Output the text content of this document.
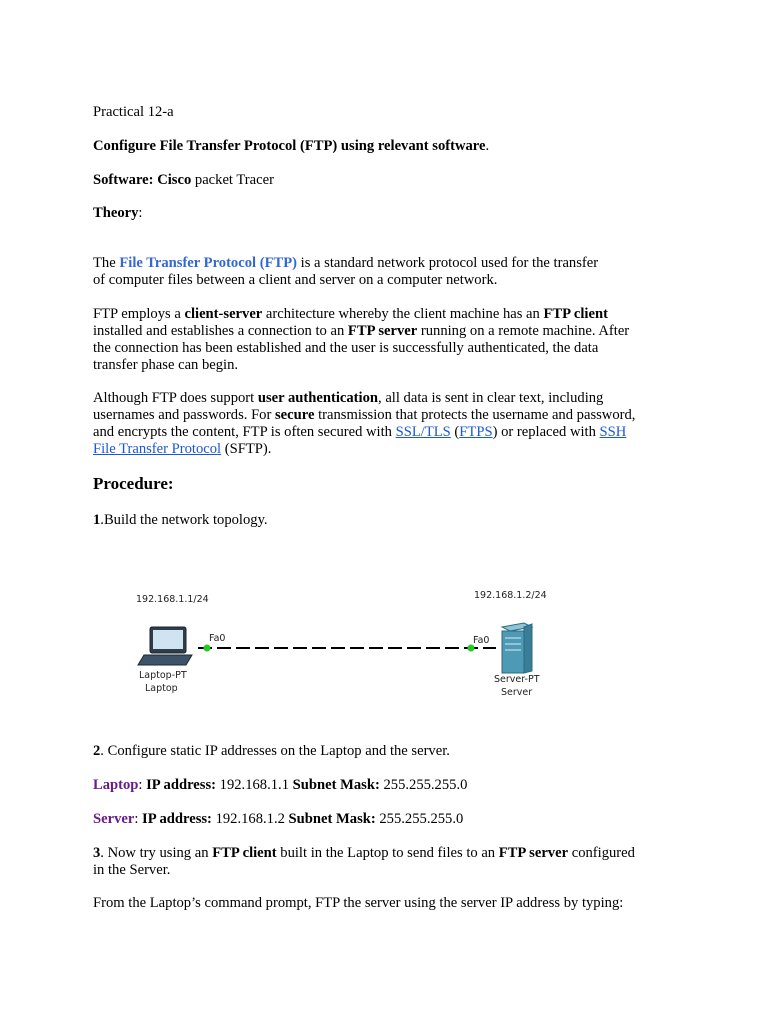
Practical 12-a

Configure File Transfer Protocol (FTP) using relevant software.

Software: Cisco packet Tracer

Theory:

The File Transfer Protocol (FTP) is a standard network protocol used for the transfer

of computer files between a client and server on a computer network.

FTP employs a client-server architecture whereby the client machine has an FTP client

installed and establishes a connection to an FTP server running on a remote machine. After

the connection has been established and the user is successfully authenticated, the data

transfer phase can begin.

Although FTP does support user authentication, all data is sent in clear text, including

usernames and passwords. For secure transmission that protects the username and password,

and encrypts the content, FTP is often secured with SSL/TLS (FTPS) or replaced with SSH

File Transfer Protocol (SFTP).

Procedure:

1.Build the network topology.

192.168.1.1/24	192.168.1.2/24
Fa0	Fa0
Laptop-PT
Laptop
Server-PT
Server

2. Configure static IP addresses on the Laptop and the server.

Laptop: IP address: 192.168.1.1 Subnet Mask: 255.255.255.0

Server: IP address: 192.168.1.2 Subnet Mask: 255.255.255.0

3. Now try using an FTP client built in the Laptop to send files to an FTP server configured

in the Server.

From the Laptop’s command prompt, FTP the server using the server IP address by typing:
